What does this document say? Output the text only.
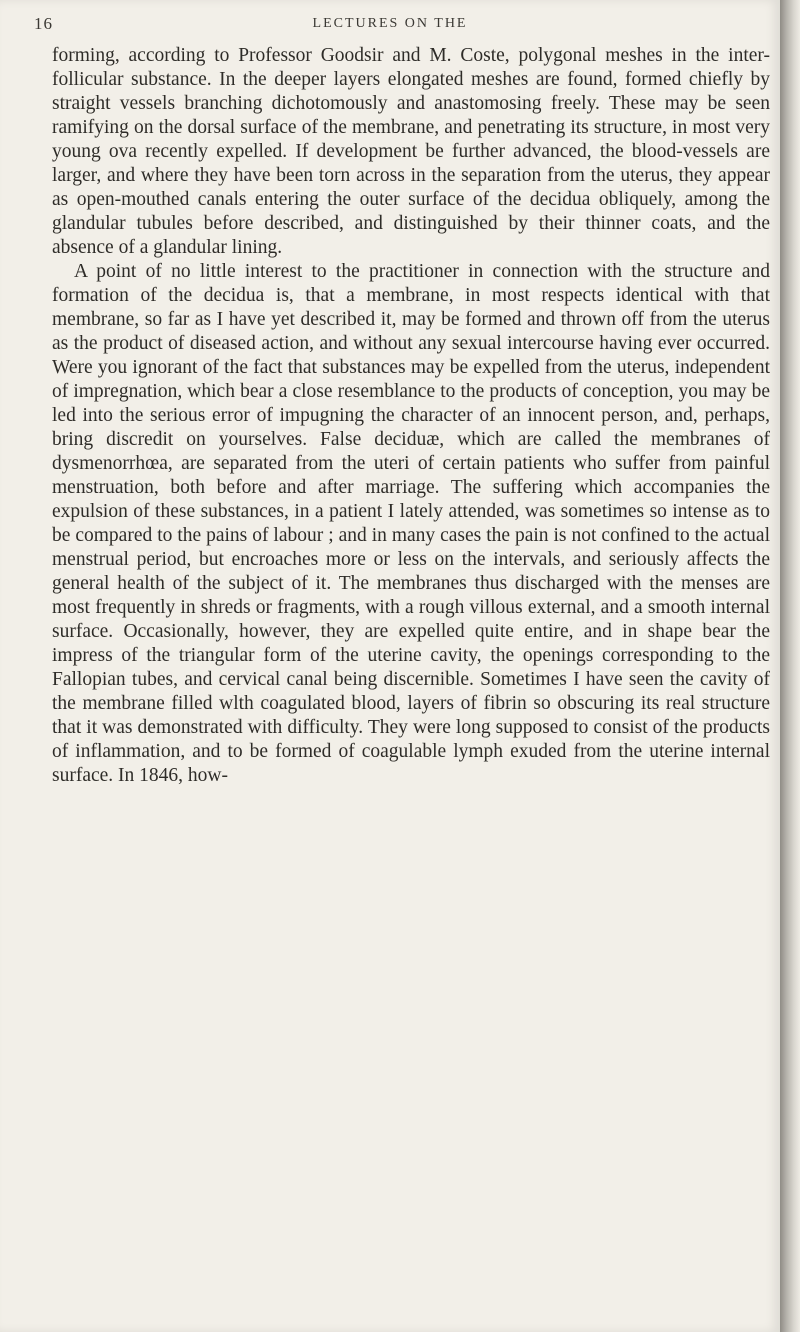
16	LECTURES ON THE

forming, according to Professor Goodsir and M. Coste, polygonal meshes in the inter-follicular substance. In the deeper layers elongated meshes are found, formed chiefly by straight vessels branching dichotomously and anastomosing freely. These may be seen ramifying on the dorsal surface of the membrane, and penetrating its structure, in most very young ova recently expelled. If development be further advanced, the blood-vessels are larger, and where they have been torn across in the separation from the uterus, they appear as open-mouthed canals entering the outer surface of the decidua obliquely, among the glandular tubules before described, and distinguished by their thinner coats, and the absence of a glandular lining.

A point of no little interest to the practitioner in connection with the structure and formation of the decidua is, that a membrane, in most respects identical with that membrane, so far as I have yet described it, may be formed and thrown off from the uterus as the product of diseased action, and without any sexual intercourse having ever occurred. Were you ignorant of the fact that substances may be expelled from the uterus, independent of impregnation, which bear a close resemblance to the products of conception, you may be led into the serious error of impugning the character of an innocent person, and, perhaps, bring discredit on yourselves. False deciduæ, which are called the membranes of dysmenorrhœa, are separated from the uteri of certain patients who suffer from painful menstruation, both before and after marriage. The suffering which accompanies the expulsion of these substances, in a patient I lately attended, was sometimes so intense as to be compared to the pains of labour ; and in many cases the pain is not confined to the actual menstrual period, but encroaches more or less on the intervals, and seriously affects the general health of the subject of it. The membranes thus discharged with the menses are most frequently in shreds or fragments, with a rough villous external, and a smooth internal surface. Occasionally, however, they are expelled quite entire, and in shape bear the impress of the triangular form of the uterine cavity, the openings corresponding to the Fallopian tubes, and cervical canal being discernible. Sometimes I have seen the cavity of the membrane filled wlth coagulated blood, layers of fibrin so obscuring its real structure that it was demonstrated with difficulty. They were long supposed to consist of the products of inflammation, and to be formed of coagulable lymph exuded from the uterine internal surface. In 1846, how-
